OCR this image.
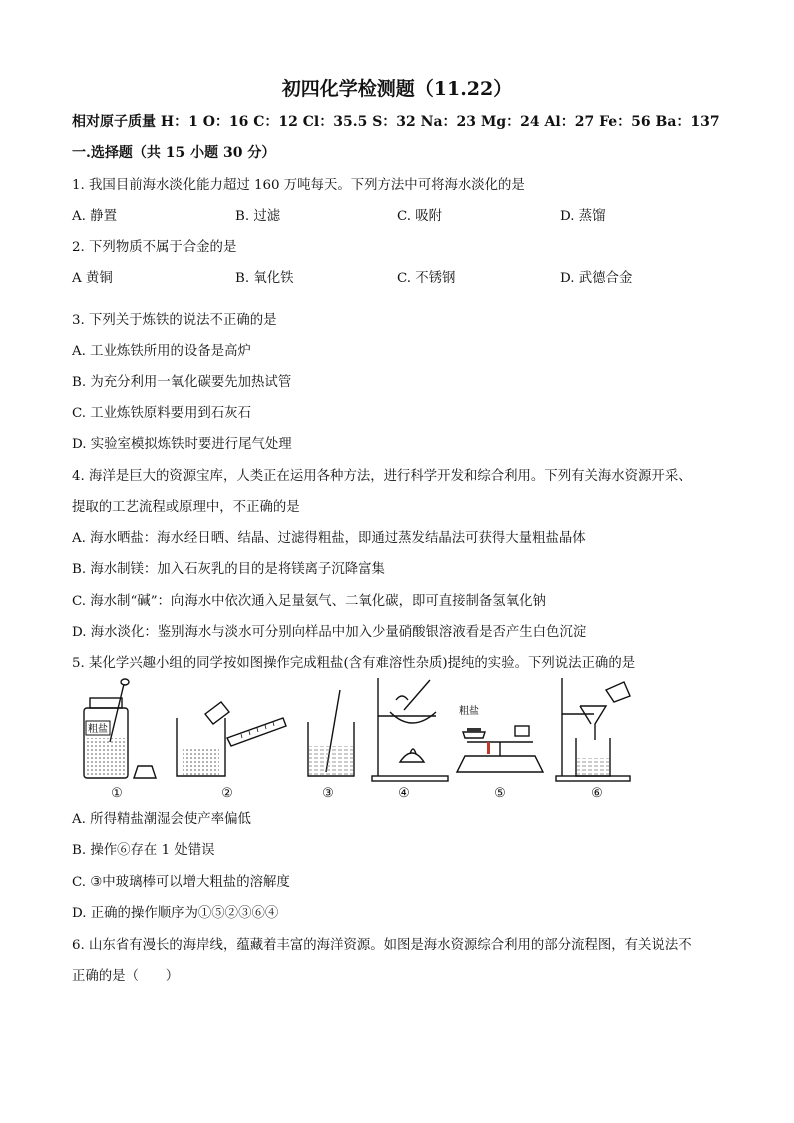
初四化学检测题（11.22）
相对原子质量 H：1 O：16 C：12 Cl：35.5 S：32 Na：23 Mg：24 Al：27 Fe：56 Ba：137
一.选择题（共 15 小题 30 分）
1. 我国目前海水淡化能力超过 160 万吨每天。下列方法中可将海水淡化的是
A. 静置	B. 过滤	C. 吸附	D. 蒸馏
2. 下列物质不属于合金的是
A 黄铜	B. 氧化铁	C. 不锈钢	D. 武德合金
3. 下列关于炼铁的说法不正确的是
A. 工业炼铁所用的设备是高炉
B. 为充分利用一氧化碳要先加热试管
C. 工业炼铁原料要用到石灰石
D. 实验室模拟炼铁时要进行尾气处理
4. 海洋是巨大的资源宝库，人类正在运用各种方法，进行科学开发和综合利用。下列有关海水资源开采、
提取的工艺流程或原理中，不正确的是
A. 海水晒盐：海水经日晒、结晶、过滤得粗盐，即通过蒸发结晶法可获得大量粗盐晶体
B. 海水制镁：加入石灰乳的目的是将镁离子沉降富集
C. 海水制“碱”：向海水中依次通入足量氨气、二氧化碳，即可直接制备氢氧化钠
D. 海水淡化：鉴别海水与淡水可分别向样品中加入少量硝酸银溶液看是否产生白色沉淀
5. 某化学兴趣小组的同学按如图操作完成粗盐(含有难溶性杂质)提纯的实验。下列说法正确的是
粗盐
①	②	③	④
粗盐
⑤	⑥
A. 所得精盐潮湿会使产率偏低
B. 操作⑥存在 1 处错误
C. ③中玻璃棒可以增大粗盐的溶解度
D. 正确的操作顺序为①⑤②③⑥④
6. 山东省有漫长的海岸线，蕴藏着丰富的海洋资源。如图是海水资源综合利用的部分流程图，有关说法不
正确的是（　　）
